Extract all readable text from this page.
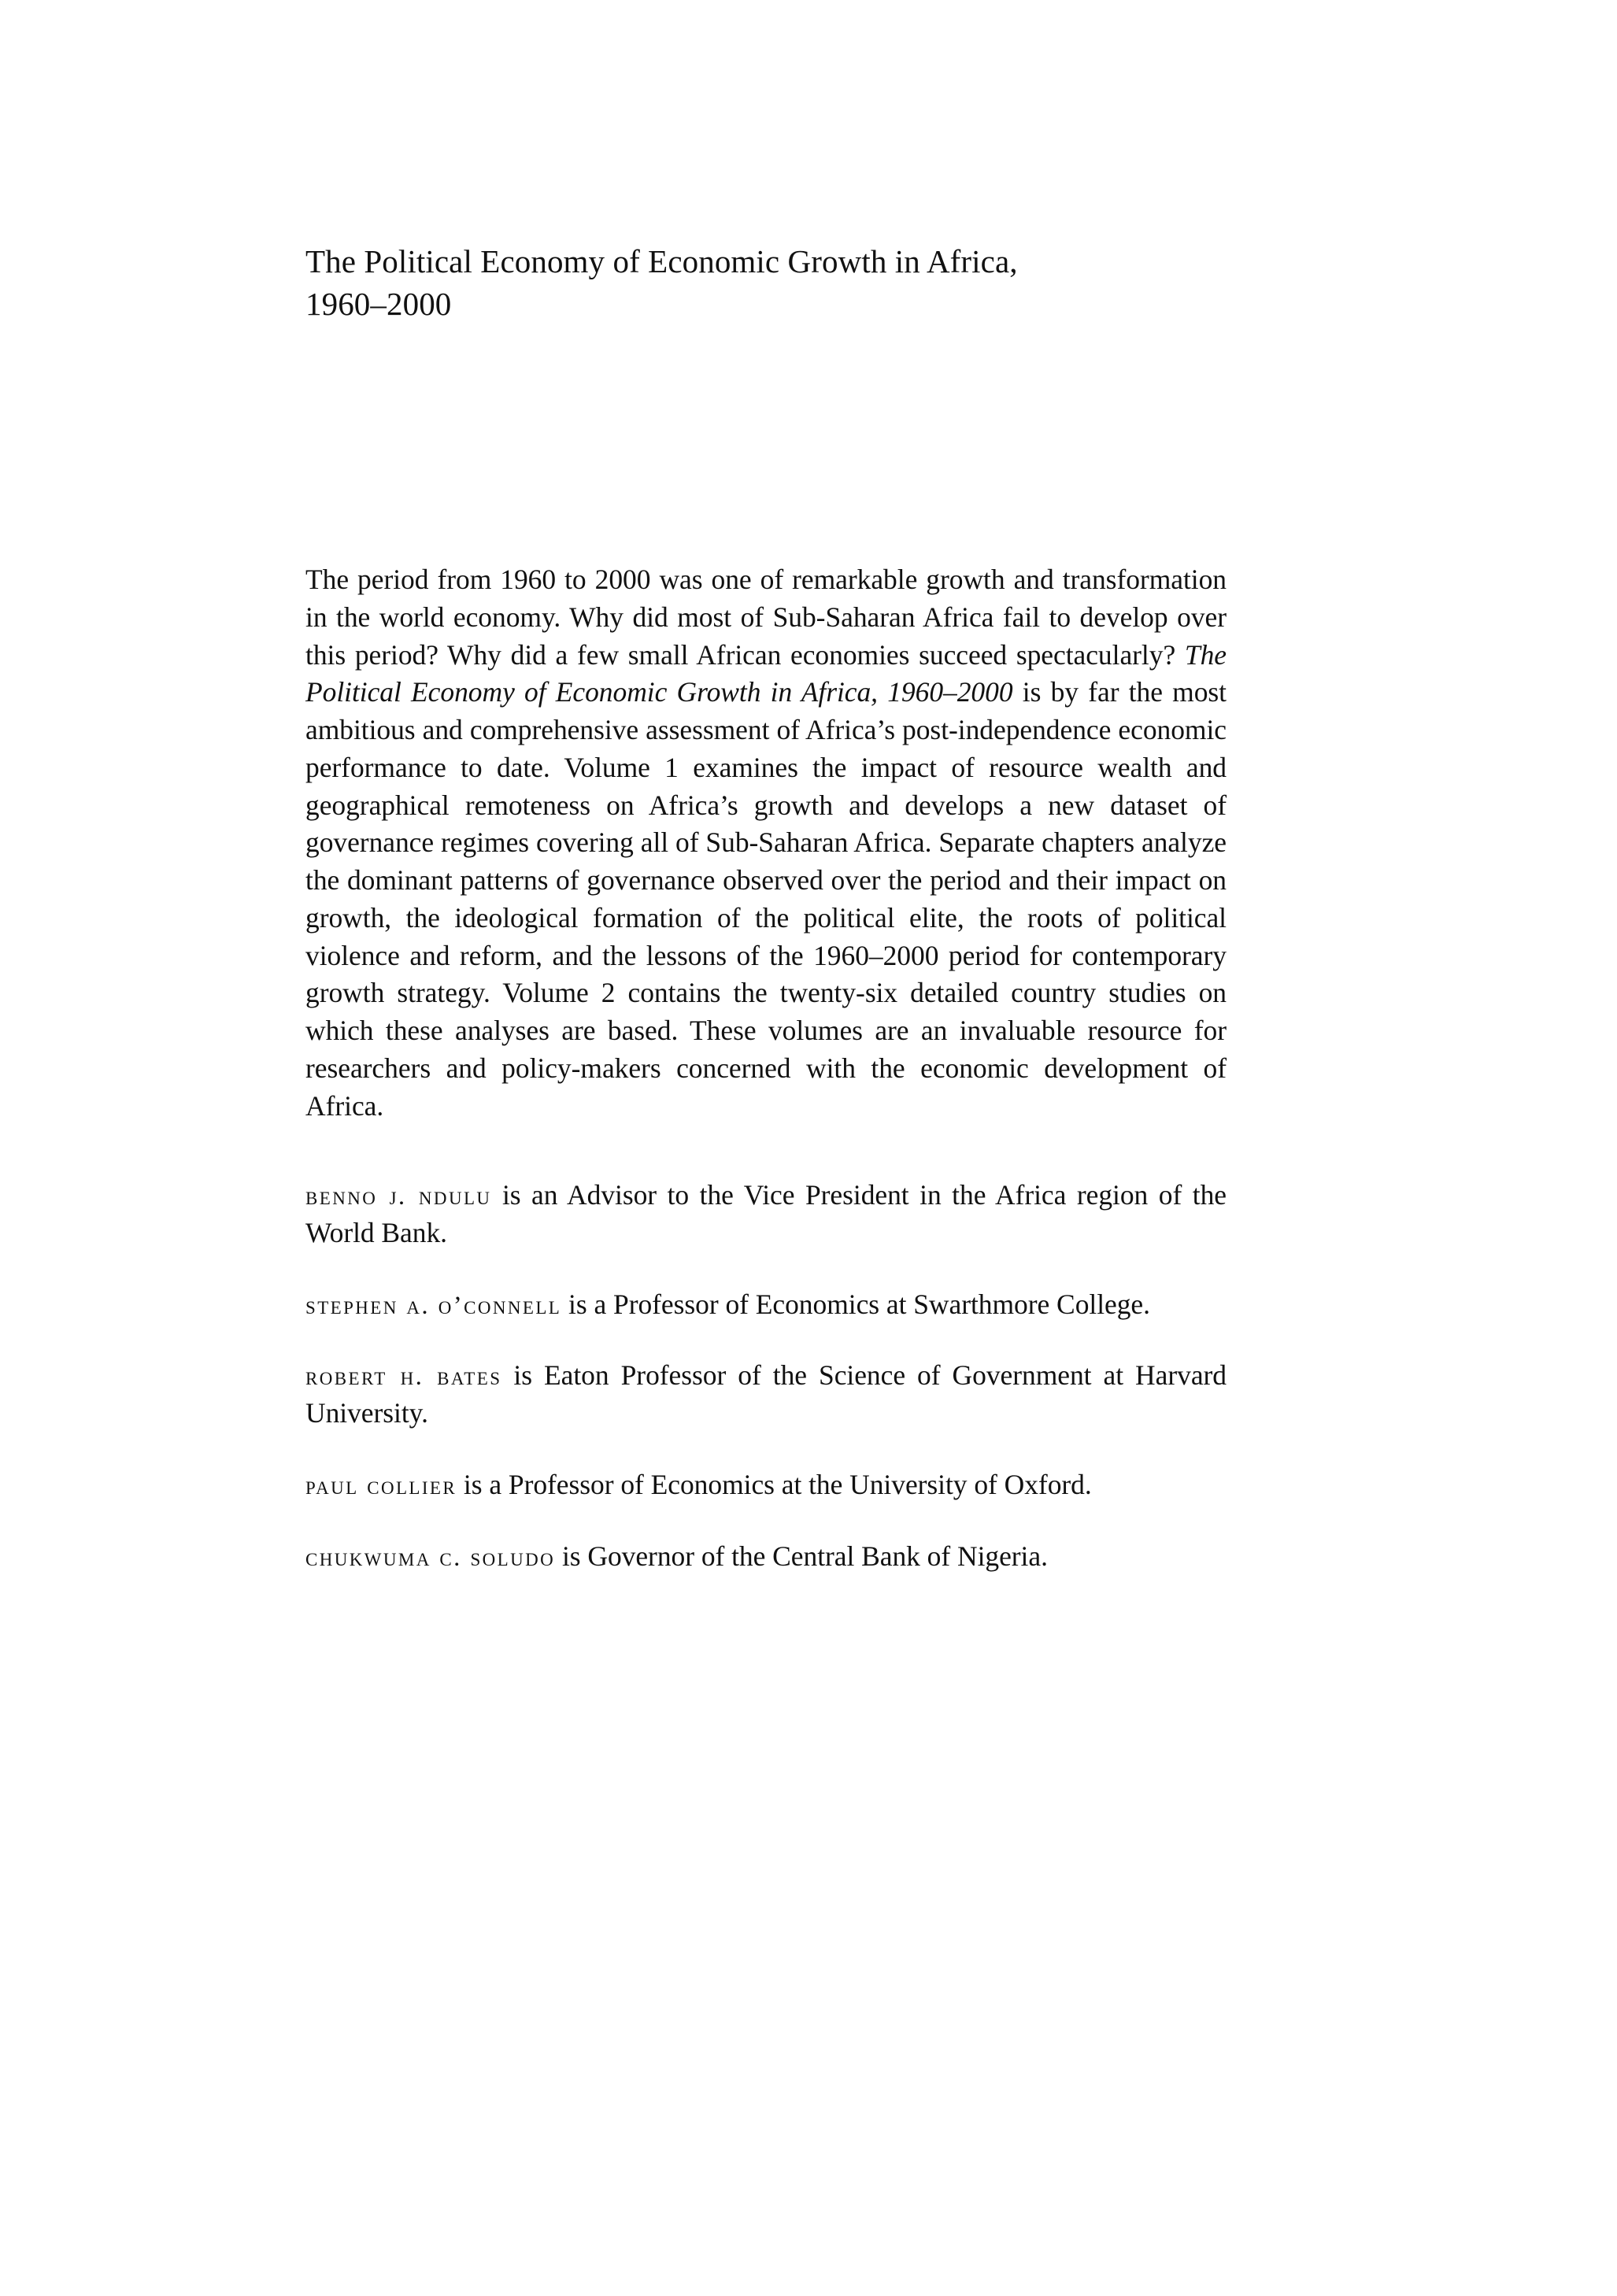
The Political Economy of Economic Growth in Africa,
1960–2000

The period from 1960 to 2000 was one of remarkable growth and transformation in the world economy. Why did most of Sub-Saharan Africa fail to develop over this period? Why did a few small African economies succeed spectacularly? The Political Economy of Economic Growth in Africa, 1960–2000 is by far the most ambitious and comprehensive assessment of Africa’s post-independence economic performance to date. Volume 1 examines the impact of resource wealth and geographical remoteness on Africa’s growth and develops a new dataset of governance regimes covering all of Sub-Saharan Africa. Separate chapters analyze the dominant patterns of governance observed over the period and their impact on growth, the ideological formation of the political elite, the roots of political violence and reform, and the lessons of the 1960–2000 period for contemporary growth strategy. Volume 2 contains the twenty-six detailed country studies on which these analyses are based. These volumes are an invaluable resource for researchers and policy-makers concerned with the economic development of Africa.

benno j. ndulu is an Advisor to the Vice President in the Africa region of the World Bank.

stephen a. o’connell is a Professor of Economics at Swarthmore College.

robert h. bates is Eaton Professor of the Science of Government at Harvard University.

paul collier is a Professor of Economics at the University of Oxford.

chukwuma c. soludo is Governor of the Central Bank of Nigeria.
